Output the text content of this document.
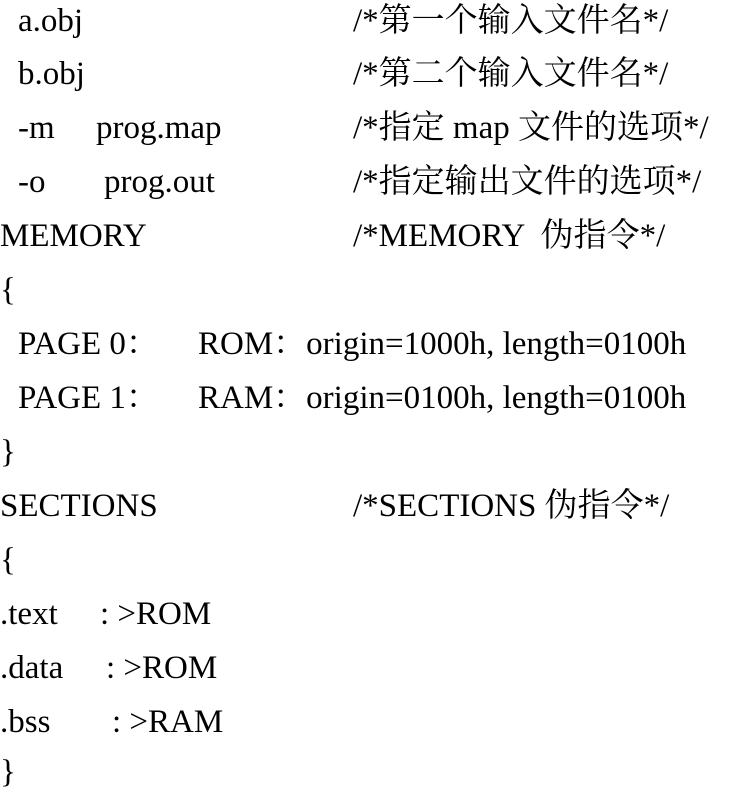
a.obj	/*第一个输入文件名*/
b.obj	/*第二个输入文件名*/
-m prog.map	/*指定 map 文件的选项*/
-o prog.out	/*指定输出文件的选项*/
MEMORY	/*MEMORY  伪指令*/
{
PAGE 0： ROM：origin=1000h, length=0100h
PAGE 1： RAM：origin=0100h, length=0100h
}
SECTIONS	/*SECTIONS 伪指令*/
{
.text : >ROM
.data : >ROM
.bss : >RAM
}
